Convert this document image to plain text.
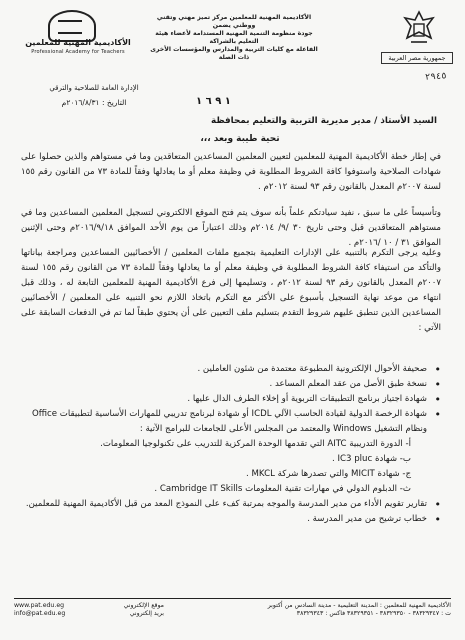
الأكاديمية المهنية للمعلمين
Professional Academy for Teachers
الأكاديمية المهنية للمعلمين مركز تميز مهني وتقني ووطني يضمن
جودة منظومة التنمية المهنية المستدامة لأعضاء هيئة التعليم بالشراكة
الفاعلة مع كليات التربية والمدارس والمؤسسات الأخرى ذات الصلة	جمهورية مصر العربية
٢٩٤٥
الإدارة العامة للصلاحية والترقي
التاريخ : ٢٠١٦/٨/٣١م	١ ٩ ٦ ١
السيد الأستاذ / مدير مديرية التربية والتعليم بمحافظة
تحية طيبة وبعد ،،،
في إطار خطة الأكاديمية المهنية للمعلمين لتعيين المعلمين المساعدين المتعاقدين وما في مستواهم والذين حصلوا على شهادات الصلاحية واستوفوا كافة الشروط المطلوبة في وظيفة معلم أو ما يعادلها وفقاً للمادة ٧٣ من القانون رقم ١٥٥ لسنة ٢٠٠٧م المعدل بالقانون رقم ٩٣ لسنة ٢٠١٢م .
وتأسيساً على ما سبق ، نفيد سيادتكم علماً بأنه سوف يتم فتح الموقع الالكتروني لتسجيل المعلمين المساعدين وما في مستواهم المتعاقدين قبل وحتى تاريخ ٣٠ /٩/ ٢٠١٤م وذلك اعتباراً من يوم الأحد الموافق ٢٠١٦/٩/١٨م وحتى الإثنين الموافق ٣١ / ١٠ /٢٠١٦م .
وعليه يرجى التكرم بالتنبيه على الإدارات التعليمية بتجميع ملفات المعلمين / الأخصائيين المساعدين ومراجعة بياناتها والتأكد من استيفاء كافة الشروط المطلوبة في وظيفة معلم أو ما يعادلها وفقاً للمادة ٧٣ من القانون رقم ١٥٥ لسنة ٢٠٠٧م المعدل بالقانون رقم ٩٣ لسنة ٢٠١٢م ، وتسليمها إلى فرع الأكاديمية المهنية للمعلمين التابعة له ، وذلك قبل انتهاء من موعد نهاية التسجيل بأسبوع على الأكثر مع التكرم باتخاذ اللازم نحو التنبيه على المعلمين / الأخصائيين المساعدين الذين تنطبق عليهم شروط التقدم بتسليم ملف التعيين على أن يحتوي طبقاً لما تم في الدفعات السابقة على الآتي :
• صحيفة الأحوال الإلكترونية المطبوعة معتمدة من شئون العاملين .
• نسخة طبق الأصل من عقد المعلم المساعد .
• شهادة اجتياز برنامج التطبيقات التربوية أو إخلاء الطرف الدال عليها .
• شهادة الرخصة الدولية لقيادة الحاسب الآلي ICDL أو شهادة لبرنامج تدريبي للمهارات الأساسية لتطبيقات Office ونظام التشغيل Windows والمعتمد من المجلس الأعلى للجامعات للبرامج الآتية :
أ- الدورة التدريبية AITC التي تقدمها الوحدة المركزية للتدريب على تكنولوجيا المعلومات.
ب- شهادة IC3 pluc .
ج- شهادة MICIT والتي تصدرها شركة MKCL .
ث- الدبلوم الدولي في مهارات تقنية المعلومات Cambridge IT Skills .
• تقارير تقويم الأداء من مدير المدرسة والموجه بمرتبة كفء على النموذج المعد من قبل الأكاديمية المهنية للمعلمين.
• خطاب ترشيح من مدير المدرسة .
www.pat.edu.eg	موقع الإلكتروني
info@pat.edu.eg	بريد إلكتروني
الأكاديمية المهنية للمعلمين : المدينة التعليمية - مدينة السادس من أكتوبر
ت : ٣٨٣٢٩٣٤٧ - ٣٨٣٢٩٣٥٠ - ٣٨٣٢٩٣٥١ فاكس : ٣٨٣٢٩٣٤٣
